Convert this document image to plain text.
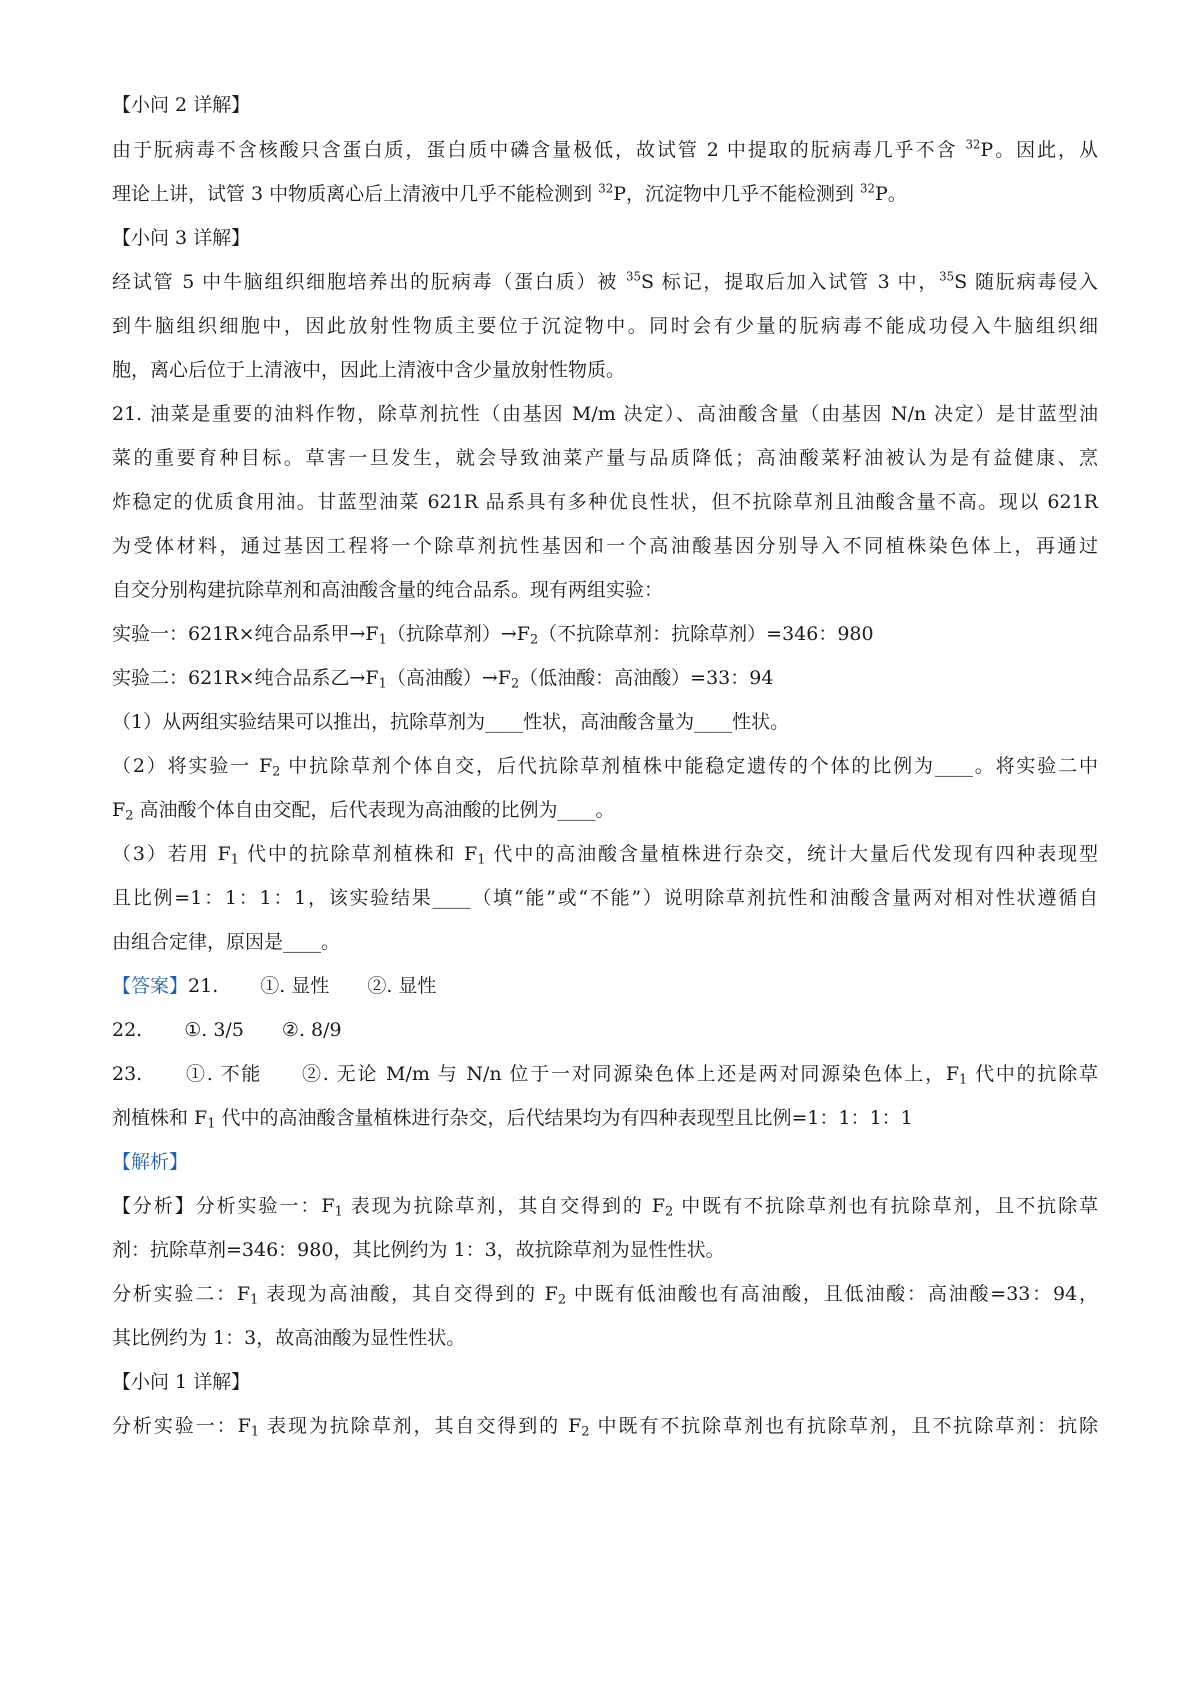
【小问 2 详解】

由于朊病毒不含核酸只含蛋白质，蛋白质中磷含量极低，故试管 2 中提取的朊病毒几乎不含 $^{32}$P。因此，从

理论上讲，试管 3 中物质离心后上清液中几乎不能检测到 $^{32}$P，沉淀物中几乎不能检测到 $^{32}$P。

【小问 3 详解】

经试管 5 中牛脑组织细胞培养出的朊病毒（蛋白质）被 $^{35}$S 标记，提取后加入试管 3 中，$^{35}$S 随朊病毒侵入

到牛脑组织细胞中，因此放射性物质主要位于沉淀物中。同时会有少量的朊病毒不能成功侵入牛脑组织细

胞，离心后位于上清液中，因此上清液中含少量放射性物质。

21. 油菜是重要的油料作物，除草剂抗性（由基因 M/m 决定）、高油酸含量（由基因 N/n 决定）是甘蓝型油

菜的重要育种目标。草害一旦发生，就会导致油菜产量与品质降低；高油酸菜籽油被认为是有益健康、烹

炸稳定的优质食用油。甘蓝型油菜 621R 品系具有多种优良性状，但不抗除草剂且油酸含量不高。现以 621R

为受体材料，通过基因工程将一个除草剂抗性基因和一个高油酸基因分别导入不同植株染色体上，再通过

自交分别构建抗除草剂和高油酸含量的纯合品系。现有两组实验：

实验一：621R×纯合品系甲$\to F_1$（抗除草剂）$\to F_2$（不抗除草剂：抗除草剂）=346：980

实验二：621R×纯合品系乙$\to F_1$（高油酸）$\to F_2$（低油酸：高油酸）=33：94

（1）从两组实验结果可以推出，抗除草剂为____性状，高油酸含量为____性状。

（2）将实验一 $F_2$ 中抗除草剂个体自交，后代抗除草剂植株中能稳定遗传的个体的比例为____。将实验二中

$F_2$ 高油酸个体自由交配，后代表现为高油酸的比例为____。

（3）若用 $F_1$ 代中的抗除草剂植株和 $F_1$ 代中的高油酸含量植株进行杂交，统计大量后代发现有四种表现型

且比例=1：1：1：1，该实验结果____（填“能”或“不能”）说明除草剂抗性和油酸含量两对相对性状遵循自

由组合定律，原因是____。

【答案】21. ①. 显性 ②. 显性

22. ①. 3/5 ②. 8/9

23. ①. 不能 ②. 无论 M/m 与 N/n 位于一对同源染色体上还是两对同源染色体上，$F_1$ 代中的抗除草

剂植株和 $F_1$ 代中的高油酸含量植株进行杂交，后代结果均为有四种表现型且比例=1：1：1：1

【解析】

【分析】分析实验一：$F_1$ 表现为抗除草剂，其自交得到的 $F_2$ 中既有不抗除草剂也有抗除草剂，且不抗除草

剂：抗除草剂=346：980，其比例约为 1：3，故抗除草剂为显性性状。

分析实验二：$F_1$ 表现为高油酸，其自交得到的 $F_2$ 中既有低油酸也有高油酸，且低油酸：高油酸=33：94，

其比例约为 1：3，故高油酸为显性性状。

【小问 1 详解】

分析实验一：$F_1$ 表现为抗除草剂，其自交得到的 $F_2$ 中既有不抗除草剂也有抗除草剂，且不抗除草剂：抗除
